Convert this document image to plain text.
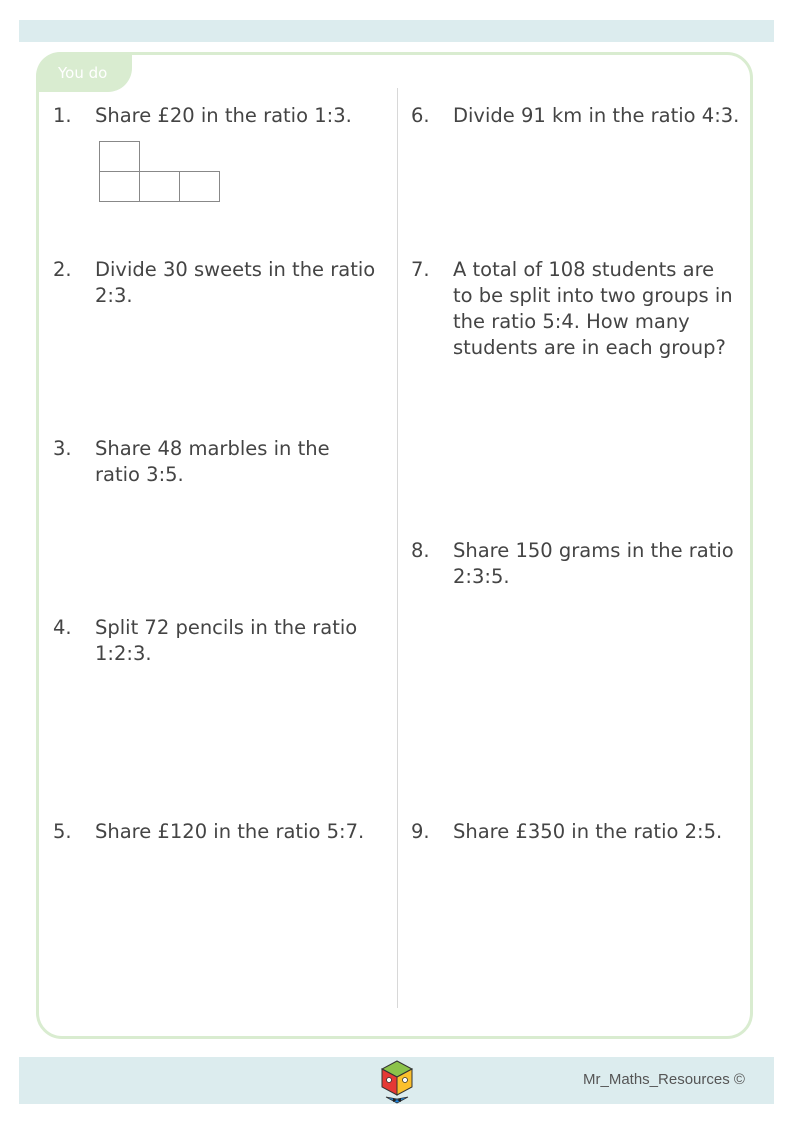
You do
1. Share £20 in the ratio 1:3.
2. Divide 30 sweets in the ratio
2:3.
3. Share 48 marbles in the
ratio 3:5.
4. Split 72 pencils in the ratio
1:2:3.
5. Share £120 in the ratio 5:7.
6. Divide 91 km in the ratio 4:3.
7. A total of 108 students are
to be split into two groups in
the ratio 5:4. How many
students are in each group?
8. Share 150 grams in the ratio
2:3:5.
9. Share £350 in the ratio 2:5.
Mr_Maths_Resources ©
